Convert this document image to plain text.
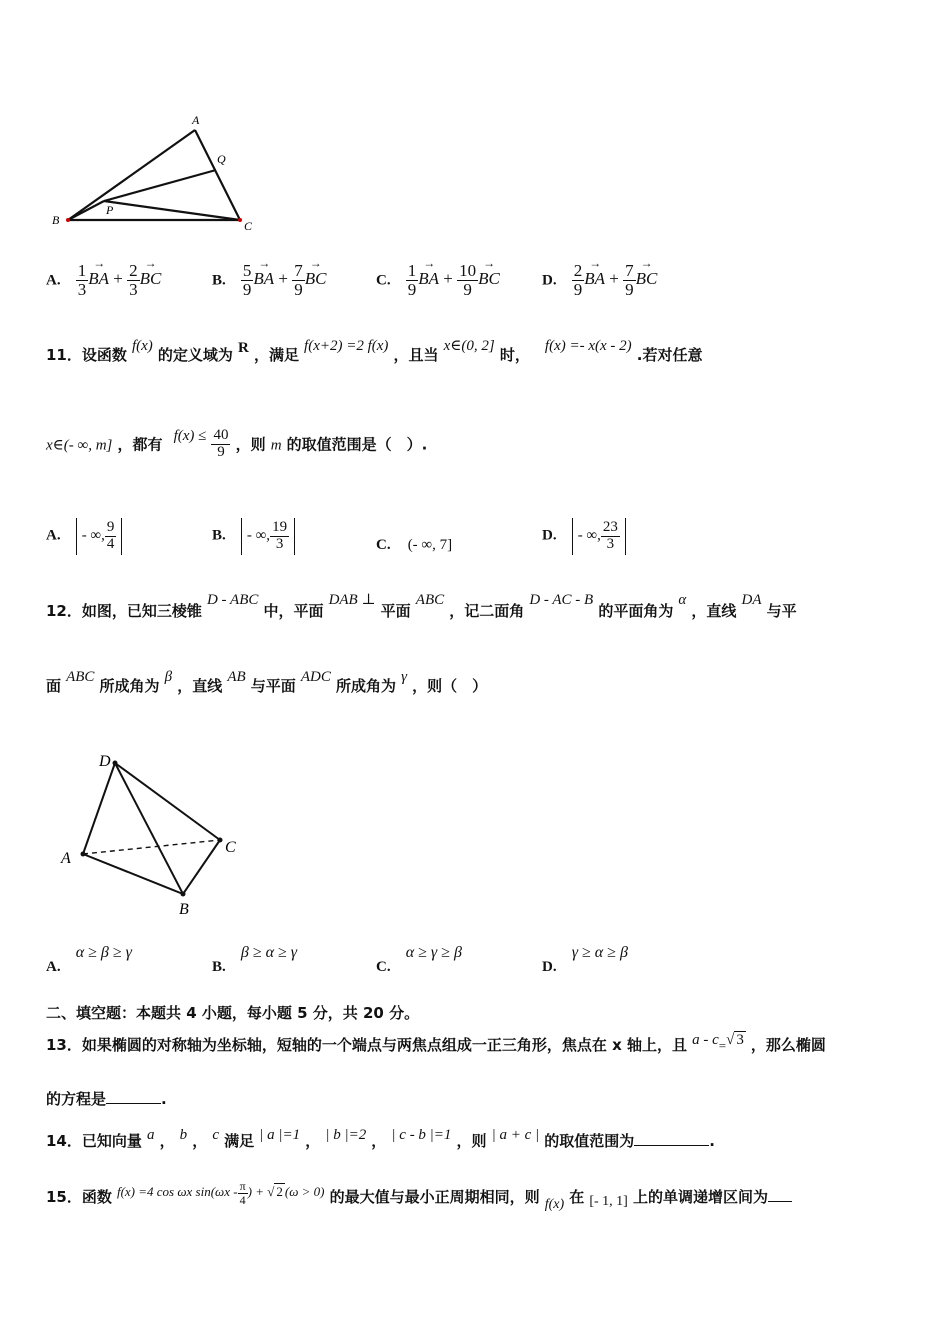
A
Q
B
P
C
A. $\frac{1}{3}$ → BA + $\frac{2}{3}$ → BC	B. $\frac{5}{9}$ → BA + $\frac{7}{9}$ → BC	C. $\frac{1}{9}$ → BA + $\frac{10}{9}$ → BC	D. $\frac{2}{9}$ → BA + $\frac{7}{9}$ → BC
11．设函数 f(x) 的定义域为 R ，满足 f(x+2) =2 f(x) ，且当 x∈(0, 2] 时， f(x) =- x(x - 2) .若对任意
x∈(- ∞, m] ，都有 $f(x) \le \frac{40}{9}$ ，则 m 的取值范围是（　）.
A. - ∞, $\frac{9}{4}$	B. - ∞, $\frac{19}{3}$	C. (- ∞, 7]
D. - ∞, $\frac{23}{3}$
12．如图，已知三棱锥 D - ABC 中，平面 DAB ⊥ 平面 ABC ，记二面角 D - AC - B 的平面角为 α ，直线 DA 与平
面 ABC 所成角为 β ，直线 AB 与平面 ADC 所成角为 γ ，则（　）
D
A
C
B
A. α ≥ β ≥ γ
B. β ≥ α ≥ γ
C. α ≥ γ ≥ β
D. γ ≥ α ≥ β
二、填空题：本题共 4 小题，每小题 5 分，共 20 分。
13．如果椭圆的对称轴为坐标轴，短轴的一个端点与两焦点组成一正三角形，焦点在 x 轴上，且 a - c=√ 3 ，那么椭圆
的方程是	.
14．已知向量 a ， b ， c 满足 | a |=1 ， | b |=2 ， | c - b |=1 ，则 | a + c | 的取值范围为	.
15．函数 $^{f(x) =4 cos \omega x sin(\omega x - \frac{\pi}{4} ) + √ 2 (\omega > 0)}$ 的最大值与最小正周期相同，则 f(x) 在 [- 1, 1] 上的单调递增区间为
